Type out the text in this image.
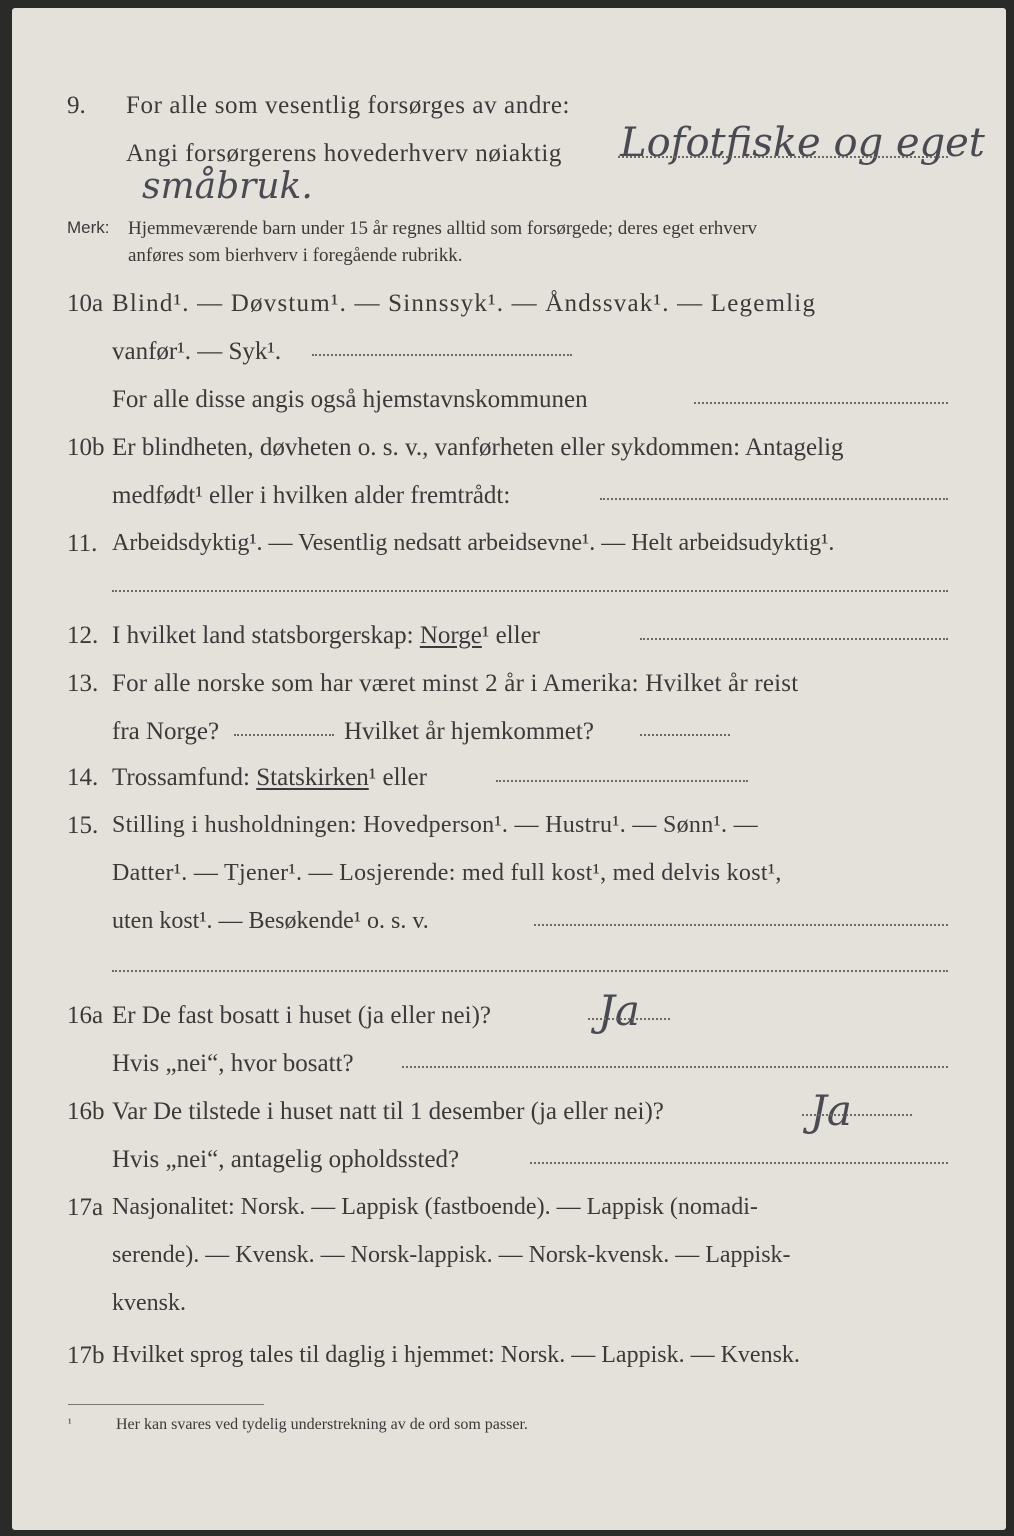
9. For alle som vesentlig forsørges av andre:
Angi forsørgerens hovederhverv nøiaktig Lofotfiske og eget
småbruk.
Merk: Hjemmeværende barn under 15 år regnes alltid som forsørgede; deres eget erhverv
anføres som bierhverv i foregående rubrikk.
10a Blind¹. — Døvstum¹. — Sinnssyk¹. — Åndssvak¹. — Legemlig
vanfør¹. — Syk¹.
For alle disse angis også hjemstavnskommunen
10b Er blindheten, døvheten o. s. v., vanførheten eller sykdommen: Antagelig
medfødt¹ eller i hvilken alder fremtrådt:
11. Arbeidsdyktig¹. — Vesentlig nedsatt arbeidsevne¹. — Helt arbeidsudyktig¹.
12. I hvilket land statsborgerskap: Norge¹ eller
13. For alle norske som har været minst 2 år i Amerika: Hvilket år reist
fra Norge?	Hvilket år hjemkommet?
14. Trossamfund: Statskirken¹ eller
15. Stilling i husholdningen: Hovedperson¹. — Hustru¹. — Sønn¹. —
Datter¹. — Tjener¹. — Losjerende: med full kost¹, med delvis kost¹,
uten kost¹. — Besøkende¹ o. s. v.
16a Er De fast bosatt i huset (ja eller nei)?	Ja
Hvis „nei“, hvor bosatt?
16b Var De tilstede i huset natt til 1 desember (ja eller nei)?	Ja
Hvis „nei“, antagelig opholdssted?
17a Nasjonalitet: Norsk. — Lappisk (fastboende). — Lappisk (nomadi-
serende). — Kvensk. — Norsk-lappisk. — Norsk-kvensk. — Lappisk-
kvensk.
17b Hvilket sprog tales til daglig i hjemmet: Norsk. — Lappisk. — Kvensk.
¹	Her kan svares ved tydelig understrekning av de ord som passer.
